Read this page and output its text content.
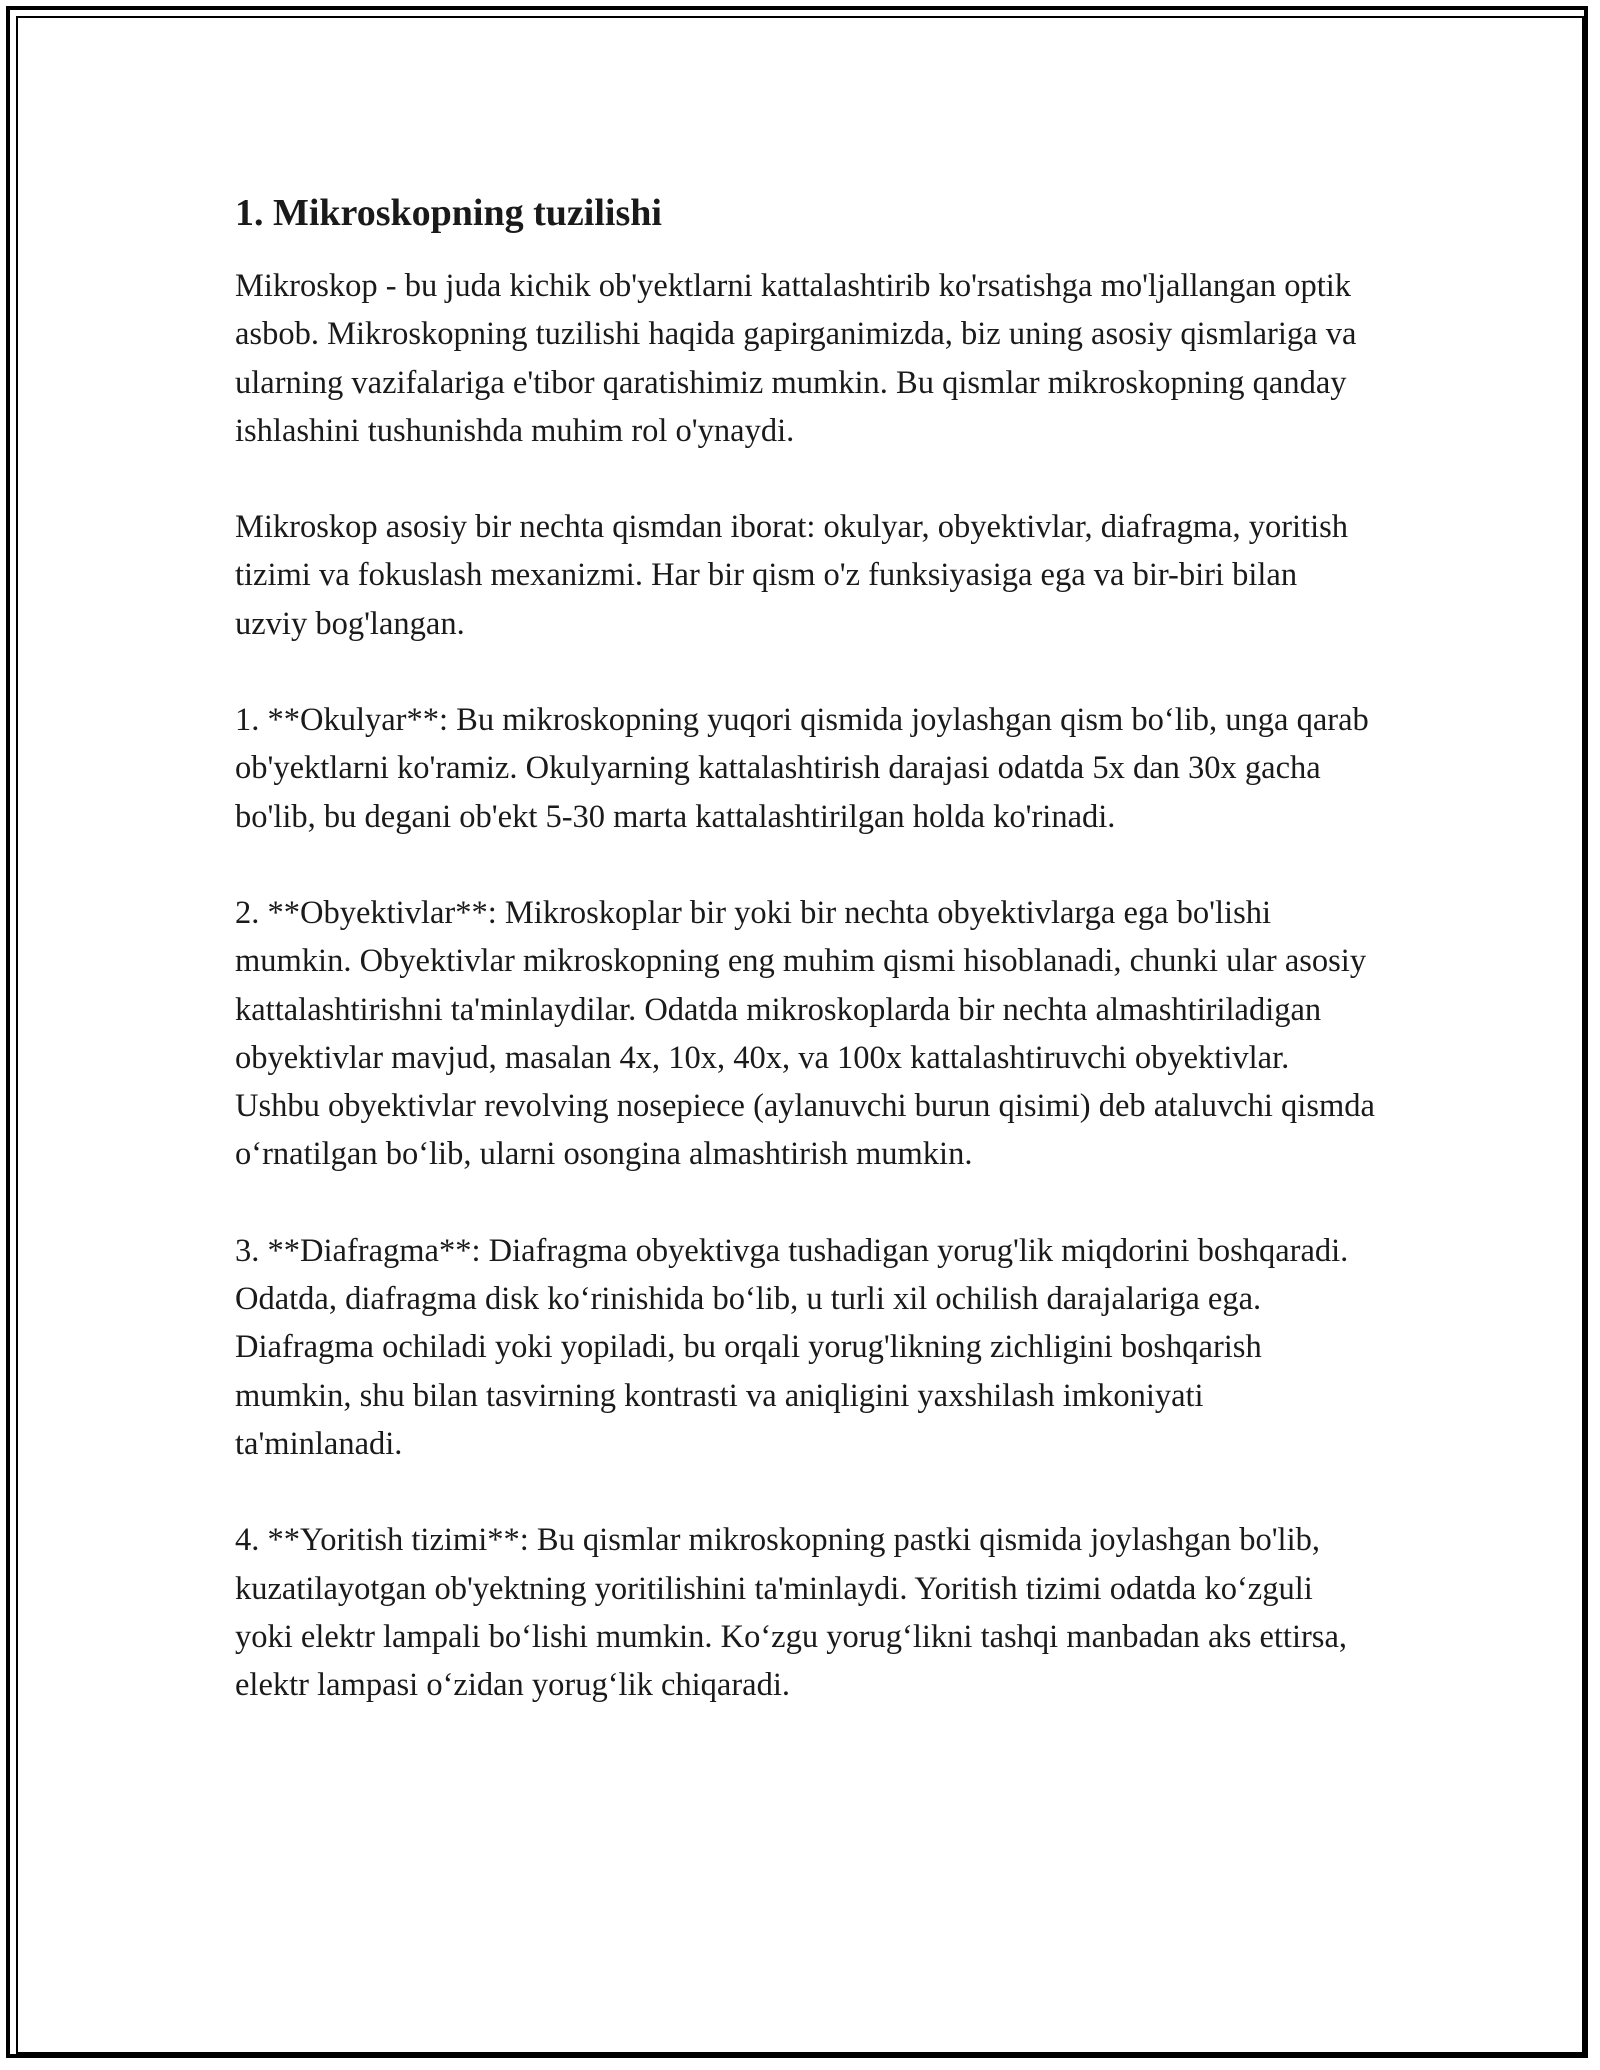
1. Mikroskopning tuzilishi

Mikroskop - bu juda kichik ob'yektlarni kattalashtirib ko'rsatishga mo'ljallangan optik asbob. Mikroskopning tuzilishi haqida gapirganimizda, biz uning asosiy qismlariga va ularning vazifalariga e'tibor qaratishimiz mumkin. Bu qismlar mikroskopning qanday ishlashini tushunishda muhim rol o'ynaydi.

Mikroskop asosiy bir nechta qismdan iborat: okulyar, obyektivlar, diafragma, yoritish tizimi va fokuslash mexanizmi. Har bir qism o'z funksiyasiga ega va bir-biri bilan uzviy bog'langan.

1. **Okulyar**: Bu mikroskopning yuqori qismida joylashgan qism boʻlib, unga qarab ob'yektlarni ko'ramiz. Okulyarning kattalashtirish darajasi odatda 5x dan 30x gacha bo'lib, bu degani ob'ekt 5-30 marta kattalashtirilgan holda ko'rinadi.

2. **Obyektivlar**: Mikroskoplar bir yoki bir nechta obyektivlarga ega bo'lishi mumkin. Obyektivlar mikroskopning eng muhim qismi hisoblanadi, chunki ular asosiy kattalashtirishni ta'minlaydilar. Odatda mikroskoplarda bir nechta almashtiriladigan obyektivlar mavjud, masalan 4x, 10x, 40x, va 100x kattalashtiruvchi obyektivlar. Ushbu obyektivlar revolving nosepiece (aylanuvchi burun qisimi) deb ataluvchi qismda oʻrnatilgan boʻlib, ularni osongina almashtirish mumkin.

3. **Diafragma**: Diafragma obyektivga tushadigan yorug'lik miqdorini boshqaradi. Odatda, diafragma disk koʻrinishida boʻlib, u turli xil ochilish darajalariga ega. Diafragma ochiladi yoki yopiladi, bu orqali yorug'likning zichligini boshqarish mumkin, shu bilan tasvirning kontrasti va aniqligini yaxshilash imkoniyati ta'minlanadi.

4. **Yoritish tizimi**: Bu qismlar mikroskopning pastki qismida joylashgan bo'lib, kuzatilayotgan ob'yektning yoritilishini ta'minlaydi. Yoritish tizimi odatda koʻzguli yoki elektr lampali boʻlishi mumkin. Koʻzgu yorugʻlikni tashqi manbadan aks ettirsa, elektr lampasi oʻzidan yorugʻlik chiqaradi.
